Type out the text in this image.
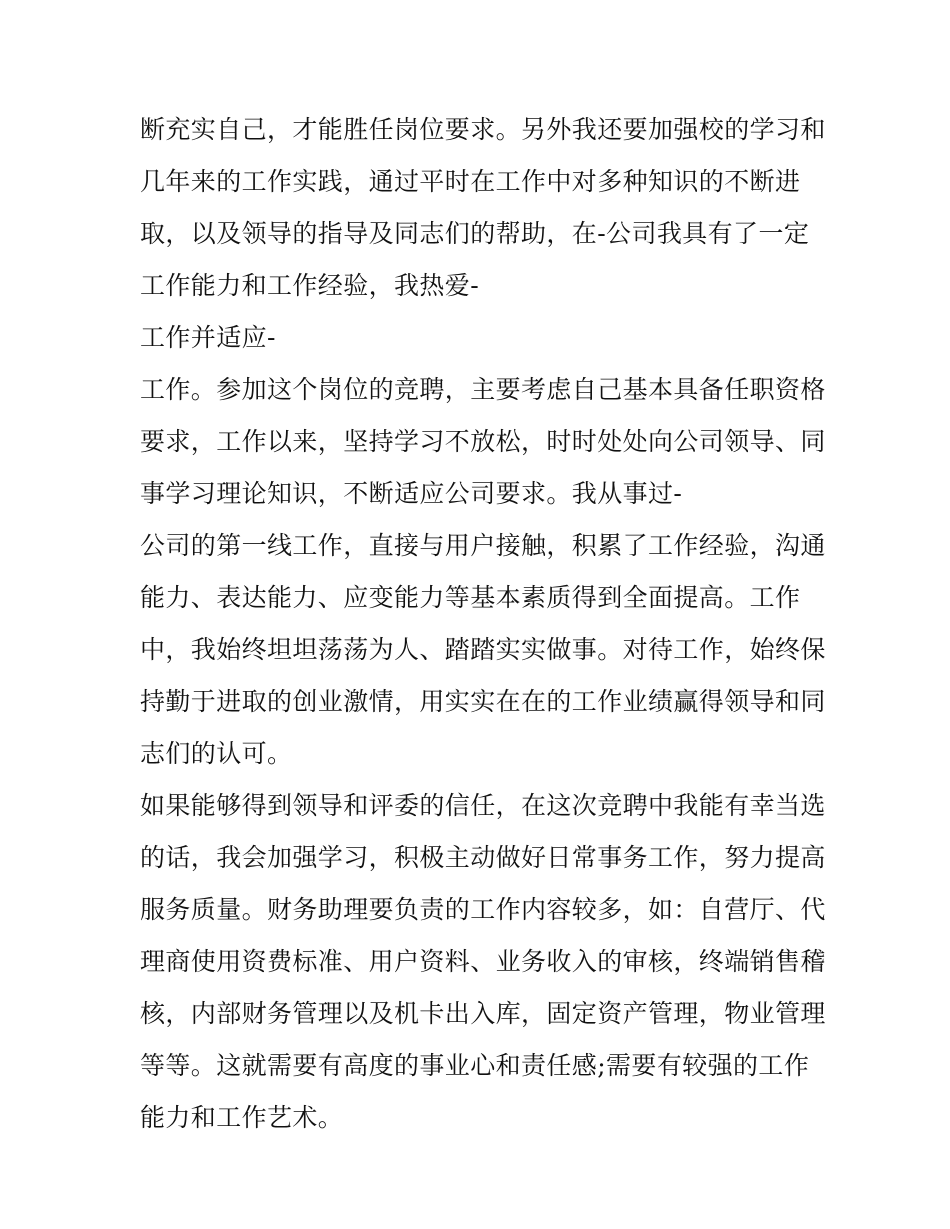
断充实自己，才能胜任岗位要求。另外我还要加强校的学习和
几年来的工作实践，通过平时在工作中对多种知识的不断进
取，以及领导的指导及同志们的帮助，在-公司我具有了一定
工作能力和工作经验，我热爱-
工作并适应-
工作。参加这个岗位的竞聘，主要考虑自己基本具备任职资格
要求，工作以来，坚持学习不放松，时时处处向公司领导、同
事学习理论知识，不断适应公司要求。我从事过-
公司的第一线工作，直接与用户接触，积累了工作经验，沟通
能力、表达能力、应变能力等基本素质得到全面提高。工作
中，我始终坦坦荡荡为人、踏踏实实做事。对待工作，始终保
持勤于进取的创业激情，用实实在在的工作业绩赢得领导和同
志们的认可。
如果能够得到领导和评委的信任，在这次竞聘中我能有幸当选
的话，我会加强学习，积极主动做好日常事务工作，努力提高
服务质量。财务助理要负责的工作内容较多，如：自营厅、代
理商使用资费标准、用户资料、业务收入的审核，终端销售稽
核，内部财务管理以及机卡出入库，固定资产管理，物业管理
等等。这就需要有高度的事业心和责任感;需要有较强的工作
能力和工作艺术。
